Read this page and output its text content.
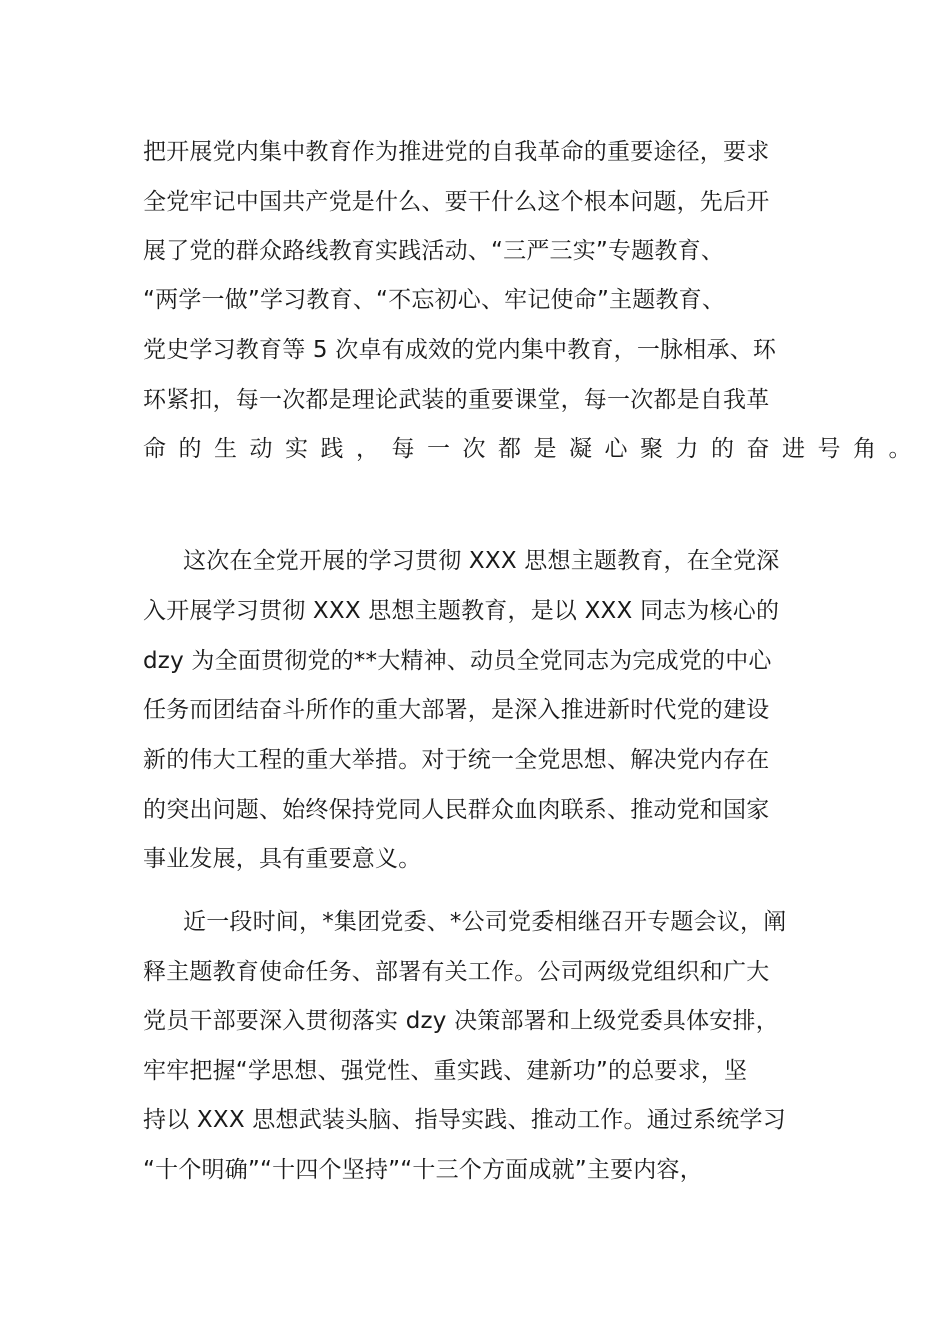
把开展党内集中教育作为推进党的自我革命的重要途径，要求
全党牢记中国共产党是什么、要干什么这个根本问题，先后开
展了党的群众路线教育实践活动、“三严三实”专题教育、
“两学一做”学习教育、“不忘初心、牢记使命”主题教育、
党史学习教育等 5 次卓有成效的党内集中教育，一脉相承、环
环紧扣，每一次都是理论武装的重要课堂，每一次都是自我革
命的生动实践，每一次都是凝心聚力的奋进号角。
这次在全党开展的学习贯彻 XXX 思想主题教育，在全党深
入开展学习贯彻 XXX 思想主题教育，是以 XXX 同志为核心的
dzy 为全面贯彻党的**大精神、动员全党同志为完成党的中心
任务而团结奋斗所作的重大部署，是深入推进新时代党的建设
新的伟大工程的重大举措。对于统一全党思想、解决党内存在
的突出问题、始终保持党同人民群众血肉联系、推动党和国家
事业发展，具有重要意义。
近一段时间，*集团党委、*公司党委相继召开专题会议，阐
释主题教育使命任务、部署有关工作。公司两级党组织和广大
党员干部要深入贯彻落实 dzy 决策部署和上级党委具体安排，
牢牢把握“学思想、强党性、重实践、建新功”的总要求，坚
持以 XXX 思想武装头脑、指导实践、推动工作。通过系统学习
“十个明确”“十四个坚持”“十三个方面成就”主要内容，
